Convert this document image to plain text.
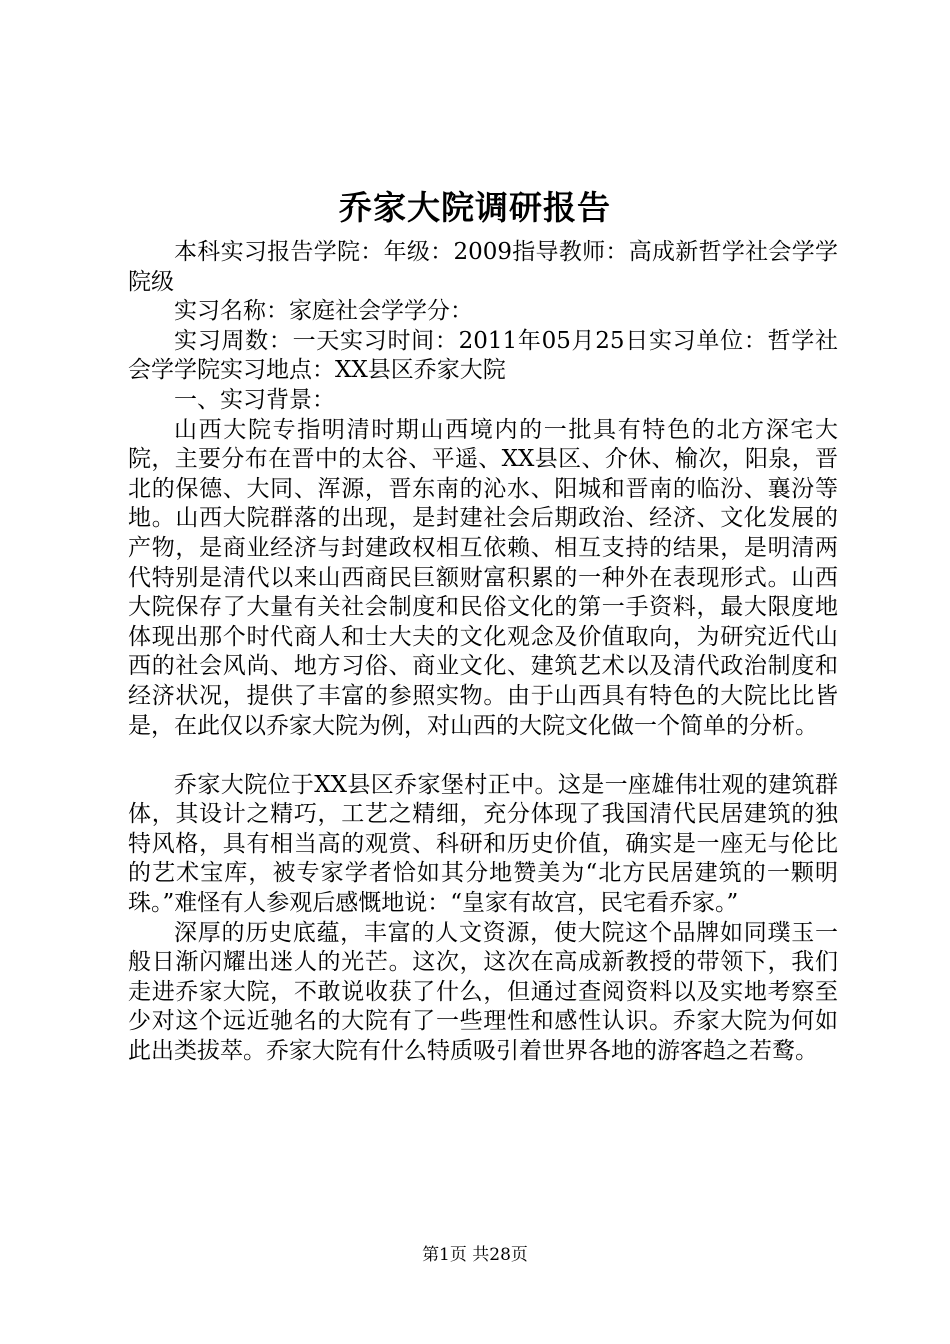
乔家大院调研报告

本科实习报告学院：年级：2009指导教师：高成新哲学社会学学院级

实习名称：家庭社会学学分：

实习周数：一天实习时间：2011年05月25日实习单位：哲学社会学学院实习地点：XX县区乔家大院

一、实习背景：

山西大院专指明清时期山西境内的一批具有特色的北方深宅大院，主要分布在晋中的太谷、平遥、XX县区、介休、榆次，阳泉，晋北的保德、大同、浑源，晋东南的沁水、阳城和晋南的临汾、襄汾等地。山西大院群落的出现，是封建社会后期政治、经济、文化发展的产物，是商业经济与封建政权相互依赖、相互支持的结果，是明清两代特别是清代以来山西商民巨额财富积累的一种外在表现形式。山西大院保存了大量有关社会制度和民俗文化的第一手资料，最大限度地体现出那个时代商人和士大夫的文化观念及价值取向，为研究近代山西的社会风尚、地方习俗、商业文化、建筑艺术以及清代政治制度和经济状况，提供了丰富的参照实物。由于山西具有特色的大院比比皆是，在此仅以乔家大院为例，对山西的大院文化做一个简单的分析。

乔家大院位于XX县区乔家堡村正中。这是一座雄伟壮观的建筑群体，其设计之精巧，工艺之精细，充分体现了我国清代民居建筑的独特风格，具有相当高的观赏、科研和历史价值，确实是一座无与伦比的艺术宝库，被专家学者恰如其分地赞美为“北方民居建筑的一颗明珠。”难怪有人参观后感慨地说：“皇家有故宫，民宅看乔家。”

深厚的历史底蕴，丰富的人文资源，使大院这个品牌如同璞玉一般日渐闪耀出迷人的光芒。这次，这次在高成新教授的带领下，我们走进乔家大院，不敢说收获了什么，但通过查阅资料以及实地考察至少对这个远近驰名的大院有了一些理性和感性认识。乔家大院为何如此出类拔萃。乔家大院有什么特质吸引着世界各地的游客趋之若鹜。

第1页 共28页
